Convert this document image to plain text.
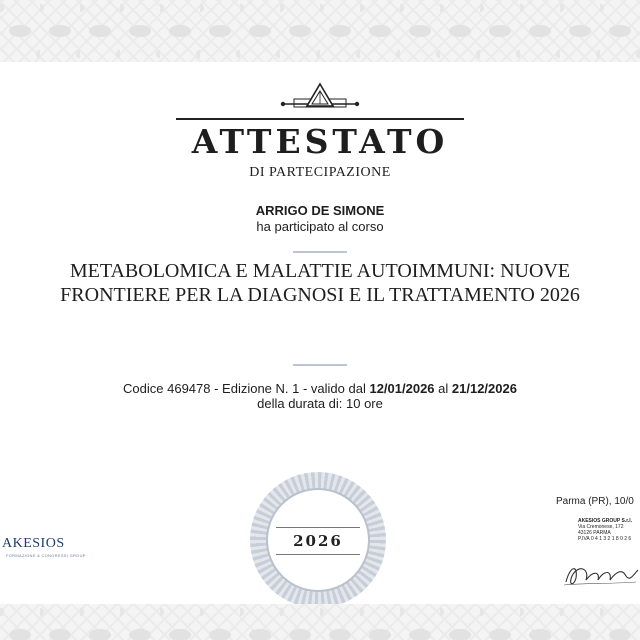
ATTESTATO
DI PARTECIPAZIONE
ARRIGO DE SIMONE
ha participato al corso
METABOLOMICA E MALATTIE AUTOIMMUNI: NUOVE
FRONTIERE PER LA DIAGNOSI E IL TRATTAMENTO 2026
Codice 469478 - Edizione N. 1 - valido dal 12/01/2026 al 21/12/2026
della durata di: 10 ore
2026
AKESIOS
FORMAZIONE & CONGRESSI GROUP
Parma (PR), 10/0
AKESIOS GROUP S.r.l.
Via Cremonese, 172
43126 PARMA
P.IVA 0 4 1 3 2 1 8 0 2 6
